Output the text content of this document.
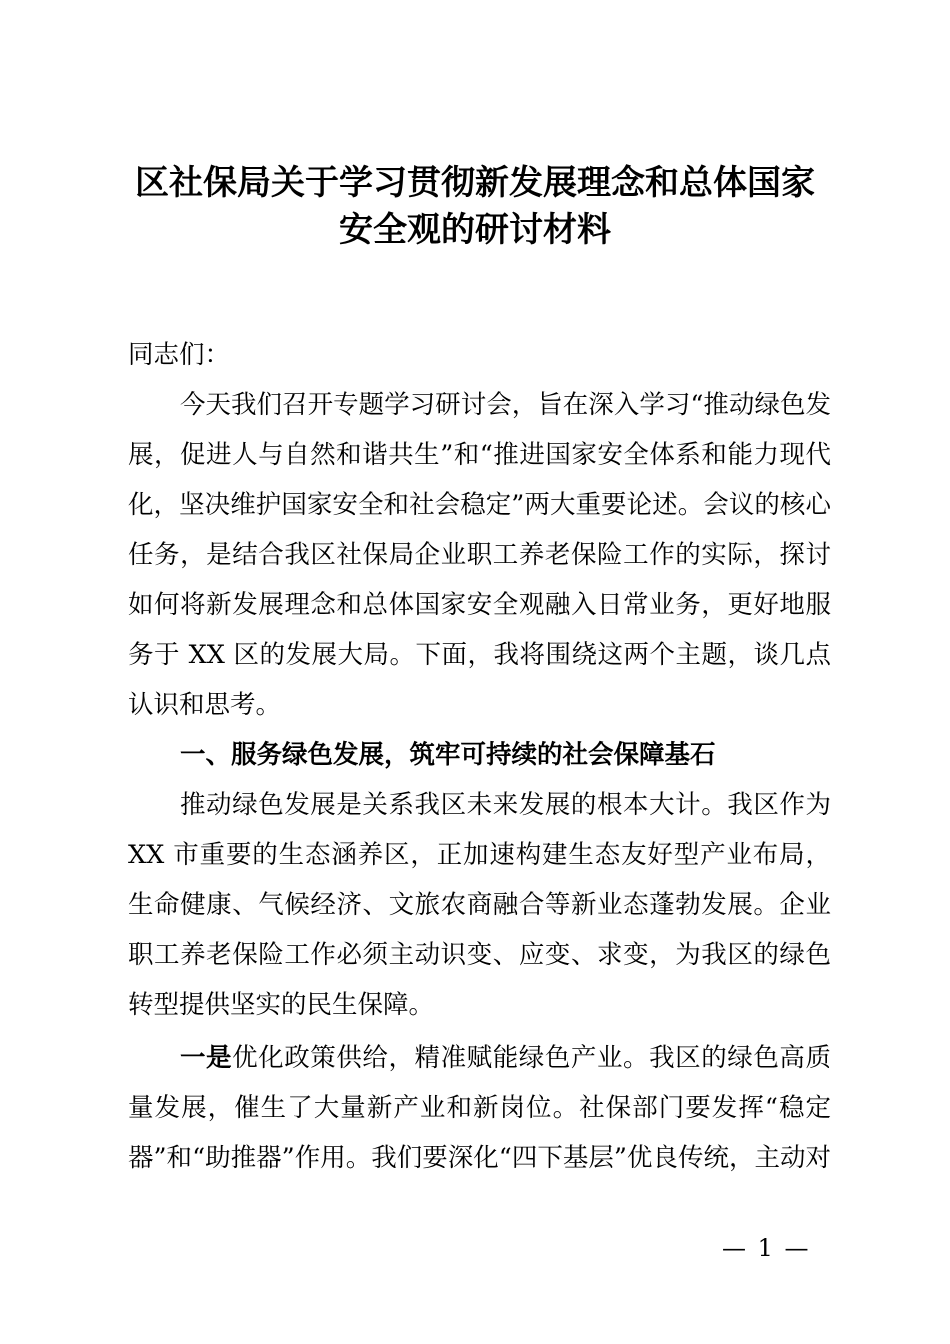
区社保局关于学习贯彻新发展理念和总体国家
安全观的研讨材料
同志们：
今天我们召开专题学习研讨会，旨在深入学习“推动绿色发
展，促进人与自然和谐共生”和“推进国家安全体系和能力现代
化，坚决维护国家安全和社会稳定”两大重要论述。会议的核心
任务，是结合我区社保局企业职工养老保险工作的实际，探讨
如何将新发展理念和总体国家安全观融入日常业务，更好地服
务于 XX 区的发展大局。下面，我将围绕这两个主题，谈几点
认识和思考。
一、服务绿色发展，筑牢可持续的社会保障基石
推动绿色发展是关系我区未来发展的根本大计。我区作为
XX 市重要的生态涵养区，正加速构建生态友好型产业布局，
生命健康、气候经济、文旅农商融合等新业态蓬勃发展。企业
职工养老保险工作必须主动识变、应变、求变，为我区的绿色
转型提供坚实的民生保障。
一是优化政策供给，精准赋能绿色产业。我区的绿色高质
量发展，催生了大量新产业和新岗位。社保部门要发挥“稳定
器”和“助推器”作用。我们要深化“四下基层”优良传统，主动对
— 1 —
